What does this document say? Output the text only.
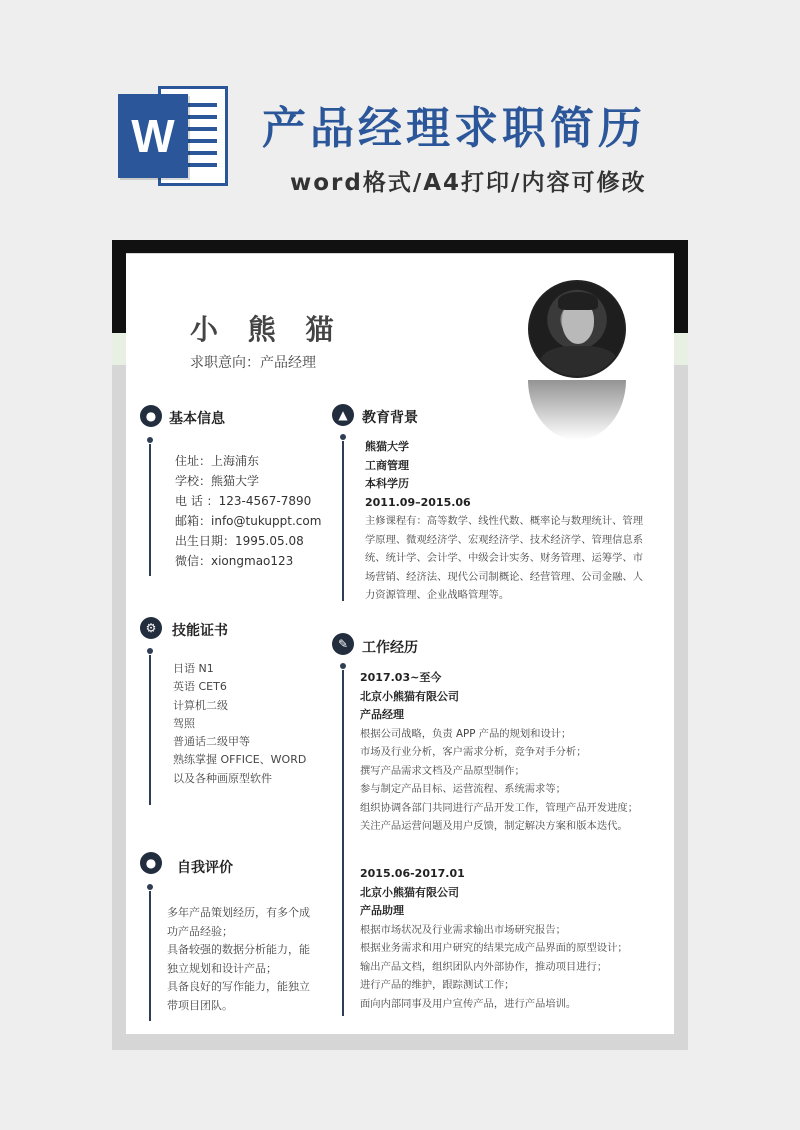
W	产品经理求职简历
word格式/A4打印/内容可修改
小 熊 猫
求职意向：产品经理
● 基本信息
住址：上海浦东
学校：熊猫大学
电 话 ：123-4567-7890
邮箱：info@tukuppt.com
出生日期：1995.05.08
微信：xiongmao123
⚙	技能证书
日语 N1
英语 CET6
计算机二级
驾照
普通话二级甲等
熟练掌握 OFFICE、WORD
以及各种画原型软件
●	自我评价
多年产品策划经历，有多个成
功产品经验；
具备较强的数据分析能力，能
独立规划和设计产品；
具备良好的写作能力，能独立
带项目团队。
▲	教育背景
熊猫大学
工商管理
本科学历
2011.09–2015.06
主修课程有：高等数学、线性代数、概率论与数理统计、管理
学原理、微观经济学、宏观经济学、技术经济学、管理信息系
统、统计学、会计学、中级会计实务、财务管理、运筹学、市
场营销、经济法、现代公司制概论、经营管理、公司金融、人
力资源管理、企业战略管理等。
✎ 工作经历
2017.03~至今
北京小熊猫有限公司
产品经理
根据公司战略，负责 APP 产品的规划和设计；
市场及行业分析，客户需求分析，竞争对手分析；
撰写产品需求文档及产品原型制作；
参与制定产品目标、运营流程、系统需求等；
组织协调各部门共同进行产品开发工作，管理产品开发进度；
关注产品运营问题及用户反馈，制定解决方案和版本迭代。
2015.06-2017.01
北京小熊猫有限公司
产品助理
根据市场状况及行业需求输出市场研究报告；
根据业务需求和用户研究的结果完成产品界面的原型设计；
输出产品文档，组织团队内外部协作，推动项目进行；
进行产品的维护，跟踪测试工作；
面向内部同事及用户宣传产品，进行产品培训。
